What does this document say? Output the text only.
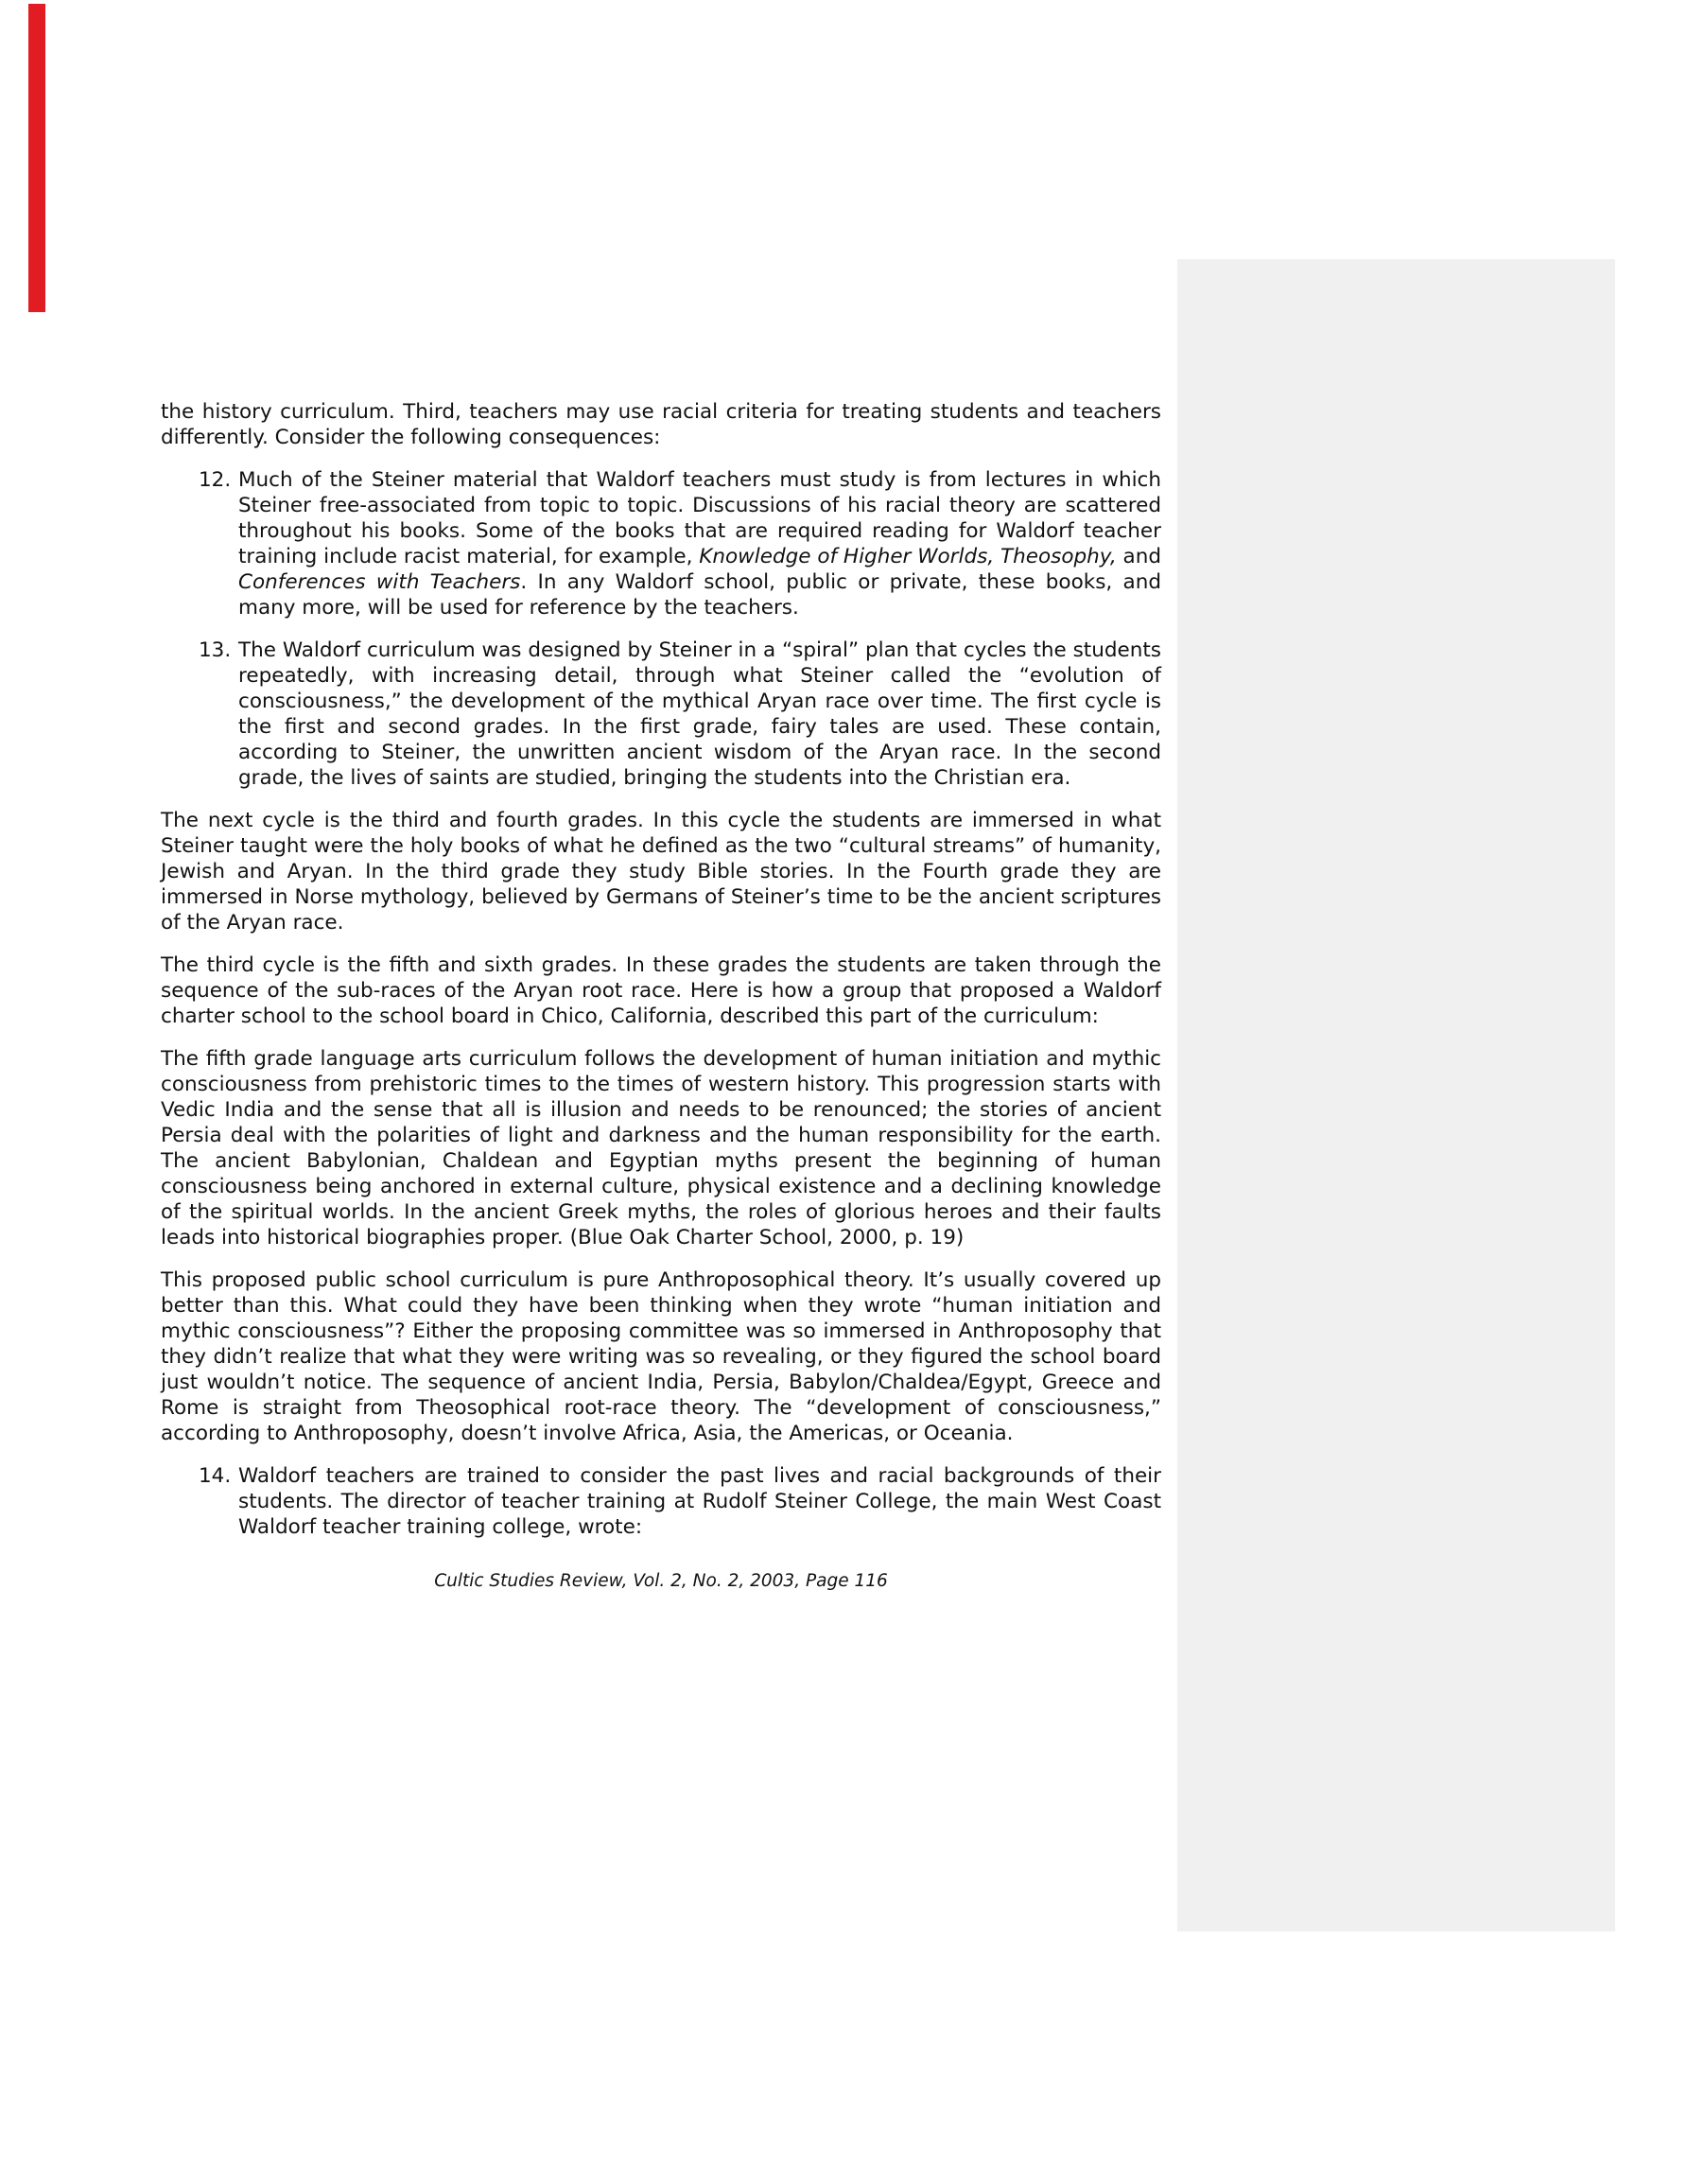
the history curriculum. Third, teachers may use racial criteria for treating students and teachers differently. Consider the following consequences:

12. Much of the Steiner material that Waldorf teachers must study is from lectures in which Steiner free-associated from topic to topic. Discussions of his racial theory are scattered throughout his books. Some of the books that are required reading for Waldorf teacher training include racist material, for example, Knowledge of Higher Worlds, Theosophy, and Conferences with Teachers. In any Waldorf school, public or private, these books, and many more, will be used for reference by the teachers.

13. The Waldorf curriculum was designed by Steiner in a “spiral” plan that cycles the students repeatedly, with increasing detail, through what Steiner called the “evolution of consciousness,” the development of the mythical Aryan race over time. The first cycle is the first and second grades. In the first grade, fairy tales are used. These contain, according to Steiner, the unwritten ancient wisdom of the Aryan race. In the second grade, the lives of saints are studied, bringing the students into the Christian era.

The next cycle is the third and fourth grades. In this cycle the students are immersed in what Steiner taught were the holy books of what he defined as the two “cultural streams” of humanity, Jewish and Aryan. In the third grade they study Bible stories. In the Fourth grade they are immersed in Norse mythology, believed by Germans of Steiner’s time to be the ancient scriptures of the Aryan race.

The third cycle is the fifth and sixth grades. In these grades the students are taken through the sequence of the sub-races of the Aryan root race. Here is how a group that proposed a Waldorf charter school to the school board in Chico, California, described this part of the curriculum:

The fifth grade language arts curriculum follows the development of human initiation and mythic consciousness from prehistoric times to the times of western history. This progression starts with Vedic India and the sense that all is illusion and needs to be renounced; the stories of ancient Persia deal with the polarities of light and darkness and the human responsibility for the earth. The ancient Babylonian, Chaldean and Egyptian myths present the beginning of human consciousness being anchored in external culture, physical existence and a declining knowledge of the spiritual worlds. In the ancient Greek myths, the roles of glorious heroes and their faults leads into historical biographies proper. (Blue Oak Charter School, 2000, p. 19)

This proposed public school curriculum is pure Anthroposophical theory. It’s usually covered up better than this. What could they have been thinking when they wrote “human initiation and mythic consciousness”? Either the proposing committee was so immersed in Anthroposophy that they didn’t realize that what they were writing was so revealing, or they figured the school board just wouldn’t notice. The sequence of ancient India, Persia, Babylon/Chaldea/Egypt, Greece and Rome is straight from Theosophical root-race theory. The “development of consciousness,” according to Anthroposophy, doesn’t involve Africa, Asia, the Americas, or Oceania.

14. Waldorf teachers are trained to consider the past lives and racial backgrounds of their students. The director of teacher training at Rudolf Steiner College, the main West Coast Waldorf teacher training college, wrote:

Cultic Studies Review, Vol. 2, No. 2, 2003, Page 116
